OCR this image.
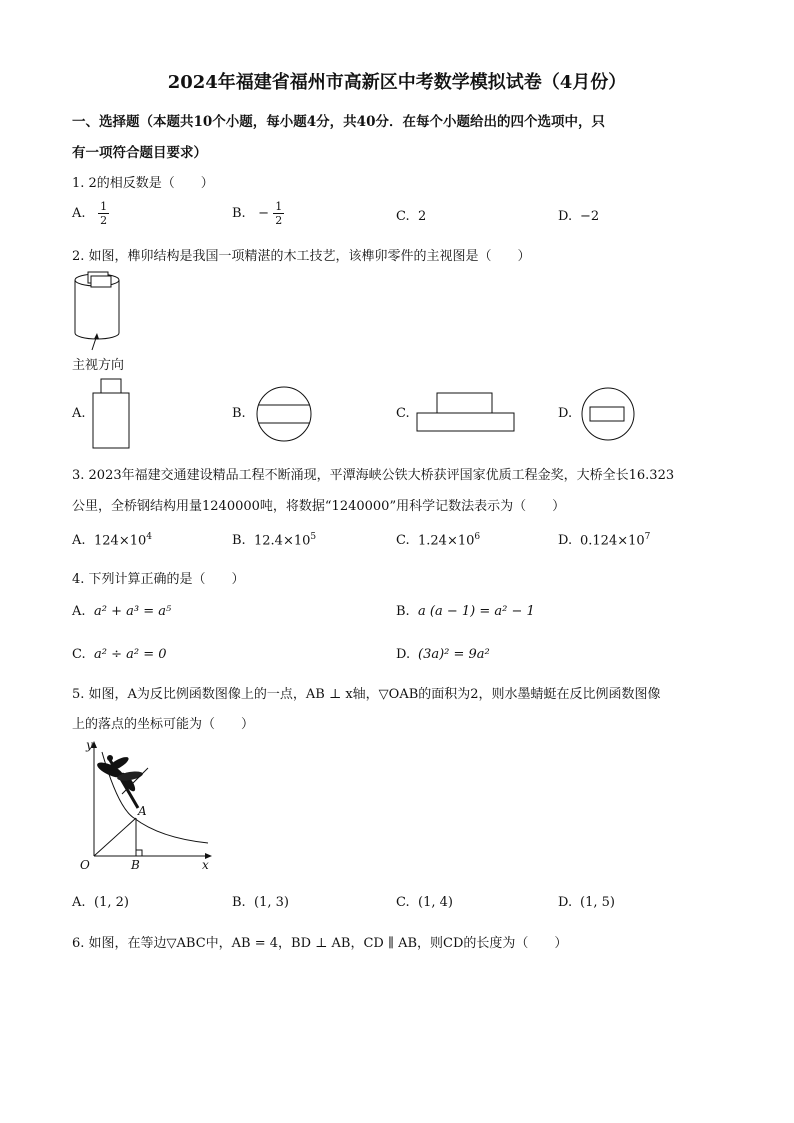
2024年福建省福州市高新区中考数学模拟试卷（4月份）
一、选择题（本题共10个小题，每小题4分，共40分．在每个小题给出的四个选项中，只
有一项符合题目要求）
1. 2的相反数是（　　）
A. $\frac{1}{2}$	B. − $\frac{1}{2}$	C. 2	D. −2
2. 如图，榫卯结构是我国一项精湛的木工技艺，该榫卯零件的主视图是（　　）
主视方向
A.	B.	C.	D.
3. 2023年福建交通建设精品工程不断涌现，平潭海峡公铁大桥获评国家优质工程金奖，大桥全长16.323
公里，全桥钢结构用量1240000吨，将数据“1240000”用科学记数法表示为（　　）
A. $124\times 10^4$	B. $12.4\times 10^5$	C. $1.24\times 10^6$	D. $0.124\times 10^7$
4. 下列计算正确的是（　　）
A. a² + a³ = a⁵	B. a (a − 1) = a² − 1
C. a² ÷ a² = 0	D. (3a)² = 9a²
5. 如图，A为反比例函数图像上的一点，AB ⊥ x轴，▽OAB的面积为2，则水墨蜻蜓在反比例函数图像
上的落点的坐标可能为（　　）
y
x
O
A
B
A. (1, 2)	B. (1, 3)	C. (1, 4)	D. (1, 5)
6. 如图，在等边▽ABC中，AB = 4，BD ⊥ AB，CD ∥ AB，则CD的长度为（　　）
